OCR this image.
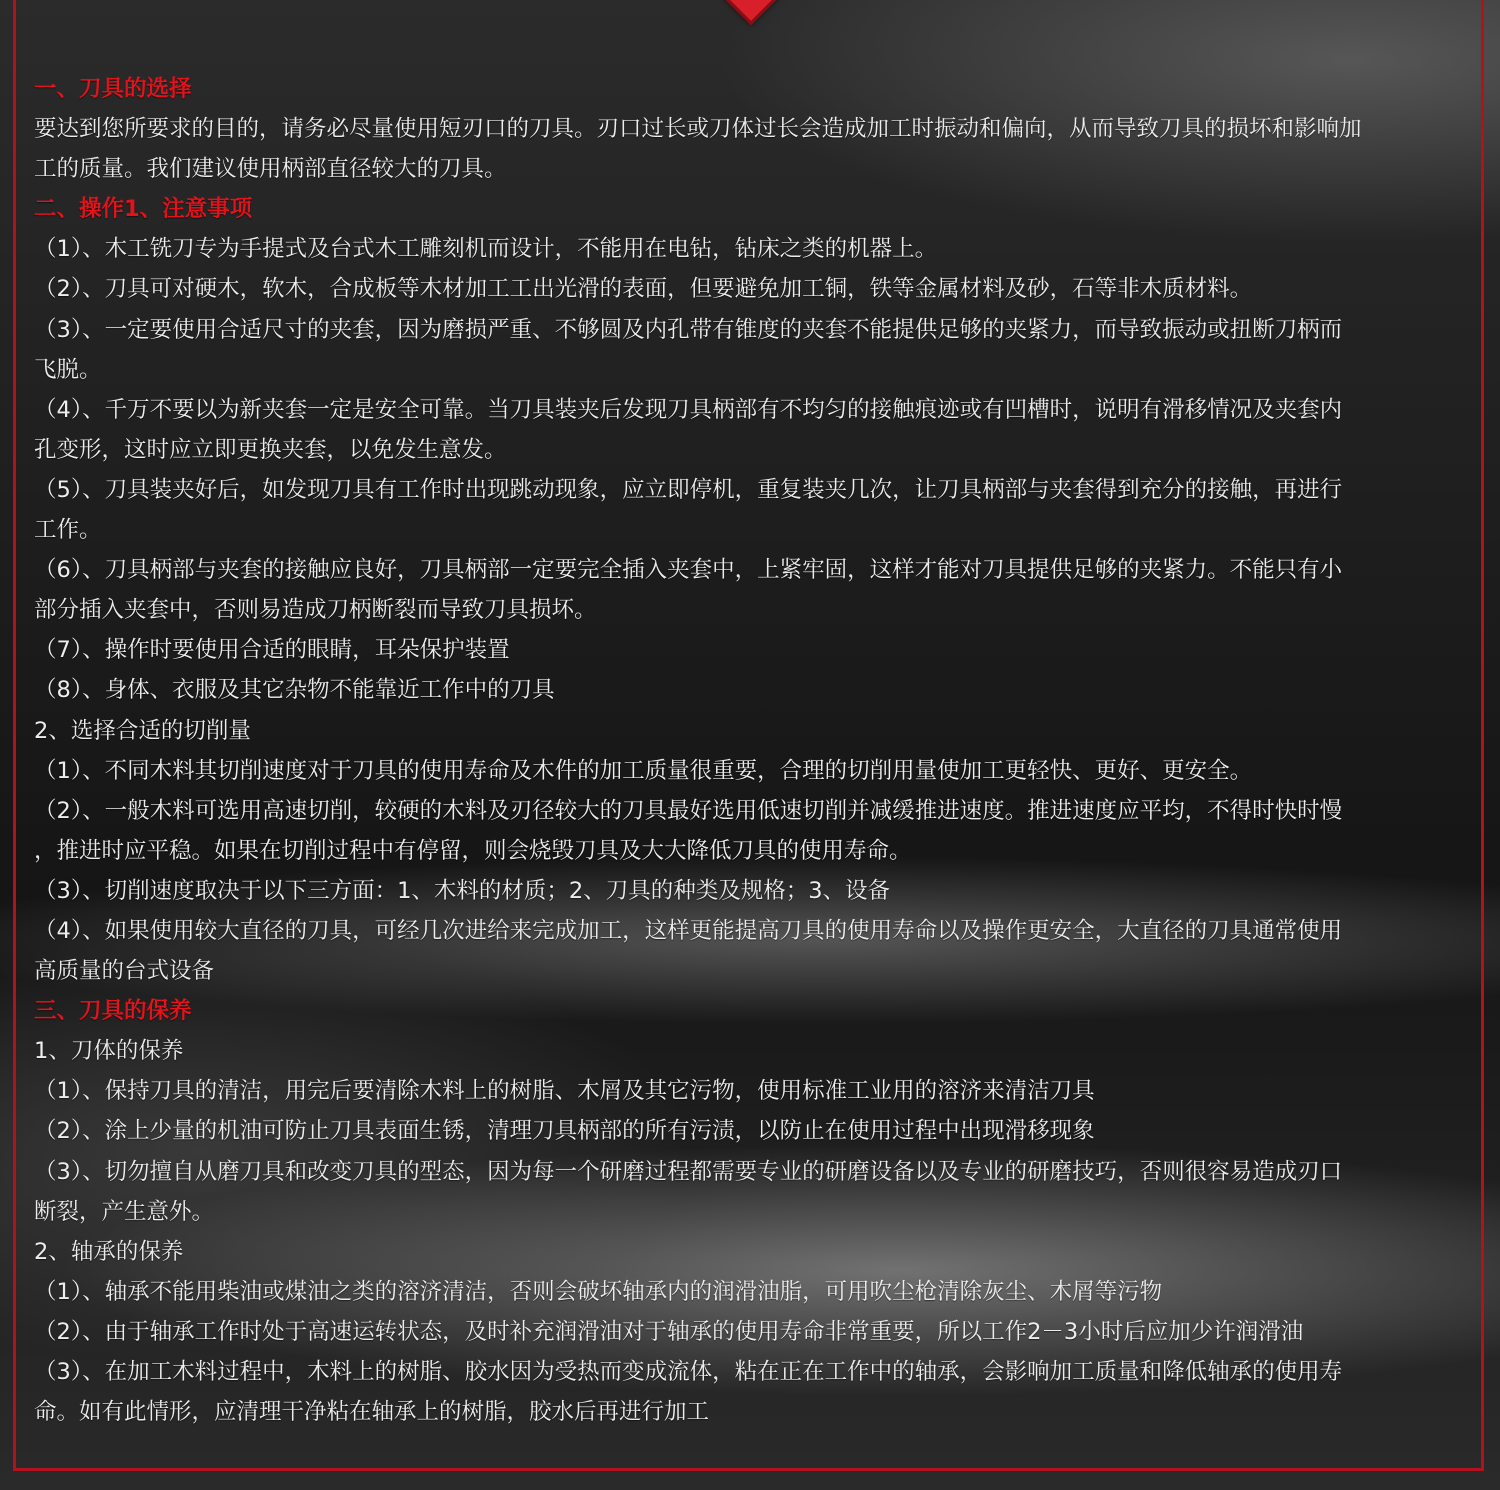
一、刀具的选择
要达到您所要求的目的，请务必尽量使用短刃口的刀具。刃口过长或刀体过长会造成加工时振动和偏向，从而导致刀具的损坏和影响加
工的质量。我们建议使用柄部直径较大的刀具。
二、操作1、注意事项
（1）、木工铣刀专为手提式及台式木工雕刻机而设计，不能用在电钻，钻床之类的机器上。
（2）、刀具可对硬木，软木，合成板等木材加工工出光滑的表面，但要避免加工铜，铁等金属材料及砂，石等非木质材料。
（3）、一定要使用合适尺寸的夹套，因为磨损严重、不够圆及内孔带有锥度的夹套不能提供足够的夹紧力，而导致振动或扭断刀柄而
飞脱。
（4）、千万不要以为新夹套一定是安全可靠。当刀具装夹后发现刀具柄部有不均匀的接触痕迹或有凹槽时，说明有滑移情况及夹套内
孔变形，这时应立即更换夹套，以免发生意发。
（5）、刀具装夹好后，如发现刀具有工作时出现跳动现象，应立即停机，重复装夹几次，让刀具柄部与夹套得到充分的接触，再进行
工作。
（6）、刀具柄部与夹套的接触应良好，刀具柄部一定要完全插入夹套中，上紧牢固，这样才能对刀具提供足够的夹紧力。不能只有小
部分插入夹套中，否则易造成刀柄断裂而导致刀具损坏。
（7）、操作时要使用合适的眼睛，耳朵保护装置
（8）、身体、衣服及其它杂物不能靠近工作中的刀具
2、选择合适的切削量
（1）、不同木料其切削速度对于刀具的使用寿命及木件的加工质量很重要，合理的切削用量使加工更轻快、更好、更安全。
（2）、一般木料可选用高速切削，较硬的木料及刃径较大的刀具最好选用低速切削并减缓推进速度。推进速度应平均，不得时快时慢
，推进时应平稳。如果在切削过程中有停留，则会烧毁刀具及大大降低刀具的使用寿命。
（3）、切削速度取决于以下三方面：1、木料的材质；2、刀具的种类及规格；3、设备
（4）、如果使用较大直径的刀具，可经几次进给来完成加工，这样更能提高刀具的使用寿命以及操作更安全，大直径的刀具通常使用
高质量的台式设备
三、刀具的保养
1、刀体的保养
（1）、保持刀具的清洁，用完后要清除木料上的树脂、木屑及其它污物，使用标准工业用的溶济来清洁刀具
（2）、涂上少量的机油可防止刀具表面生锈，清理刀具柄部的所有污渍，以防止在使用过程中出现滑移现象
（3）、切勿擅自从磨刀具和改变刀具的型态，因为每一个研磨过程都需要专业的研磨设备以及专业的研磨技巧，否则很容易造成刃口
断裂，产生意外。
2、轴承的保养
（1）、轴承不能用柴油或煤油之类的溶济清洁，否则会破坏轴承内的润滑油脂，可用吹尘枪清除灰尘、木屑等污物
（2）、由于轴承工作时处于高速运转状态，及时补充润滑油对于轴承的使用寿命非常重要，所以工作2－3小时后应加少许润滑油
（3）、在加工木料过程中，木料上的树脂、胶水因为受热而变成流体，粘在正在工作中的轴承，会影响加工质量和降低轴承的使用寿
命。如有此情形，应清理干净粘在轴承上的树脂，胶水后再进行加工
